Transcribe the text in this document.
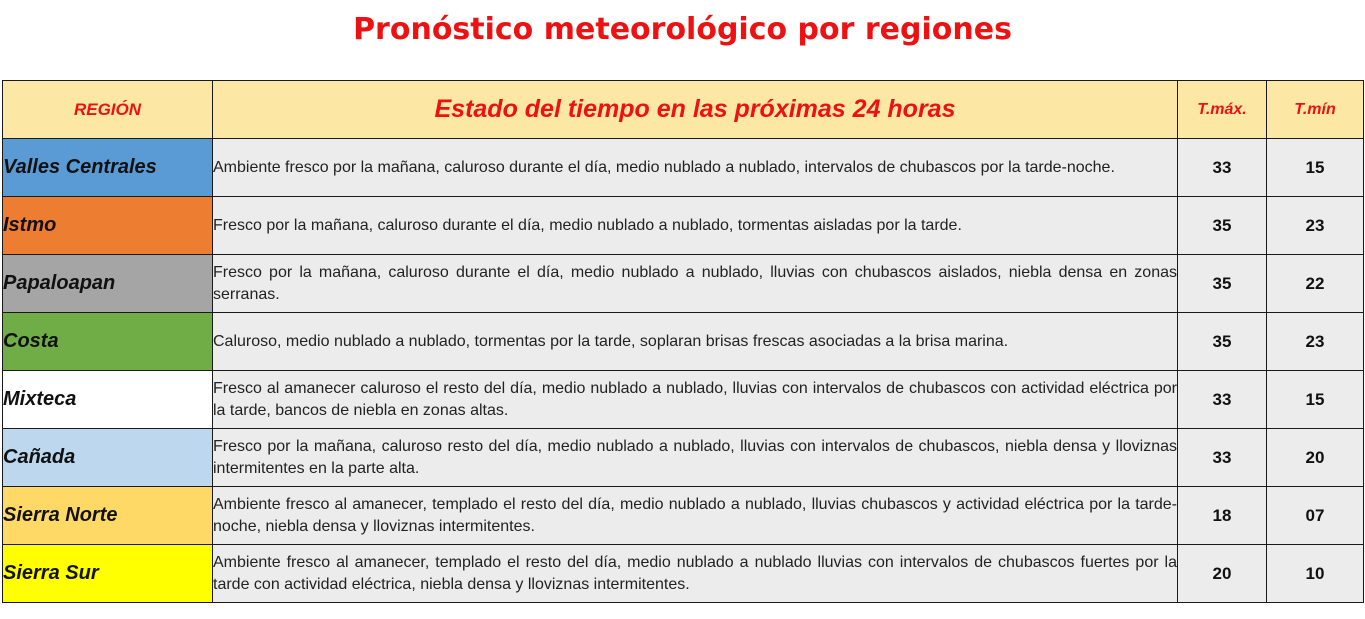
Pronóstico meteorológico por regiones
REGIÓN	Estado del tiempo en las próximas 24 horas	T.máx.	T.mín
Valles Centrales	Ambiente fresco por la mañana, caluroso durante el día, medio nublado a nublado, intervalos de chubascos por la tarde-noche.	33	15
Istmo	Fresco por la mañana, caluroso durante el día, medio nublado a nublado, tormentas aisladas por la tarde.	35	23
Papaloapan	Fresco por la mañana, caluroso durante el día, medio nublado a nublado, lluvias con chubascos aislados, niebla densa en zonas serranas.	35	22
Costa	Caluroso, medio nublado a nublado, tormentas por la tarde, soplaran brisas frescas asociadas a la brisa marina.	35	23
Mixteca	Fresco al amanecer caluroso el resto del día, medio nublado a nublado, lluvias con intervalos de chubascos con actividad eléctrica por la tarde, bancos de niebla en zonas altas.	33	15
Cañada	Fresco por la mañana, caluroso resto del día, medio nublado a nublado, lluvias con intervalos de chubascos, niebla densa y lloviznas intermitentes en la parte alta.	33	20
Sierra Norte	Ambiente fresco al amanecer, templado el resto del día, medio nublado a nublado, lluvias chubascos y actividad eléctrica por la tarde-noche, niebla densa y lloviznas intermitentes.	18	07
Sierra Sur	Ambiente fresco al amanecer, templado el resto del día, medio nublado a nublado lluvias con intervalos de chubascos fuertes por la tarde con actividad eléctrica, niebla densa y lloviznas intermitentes.	20	10
